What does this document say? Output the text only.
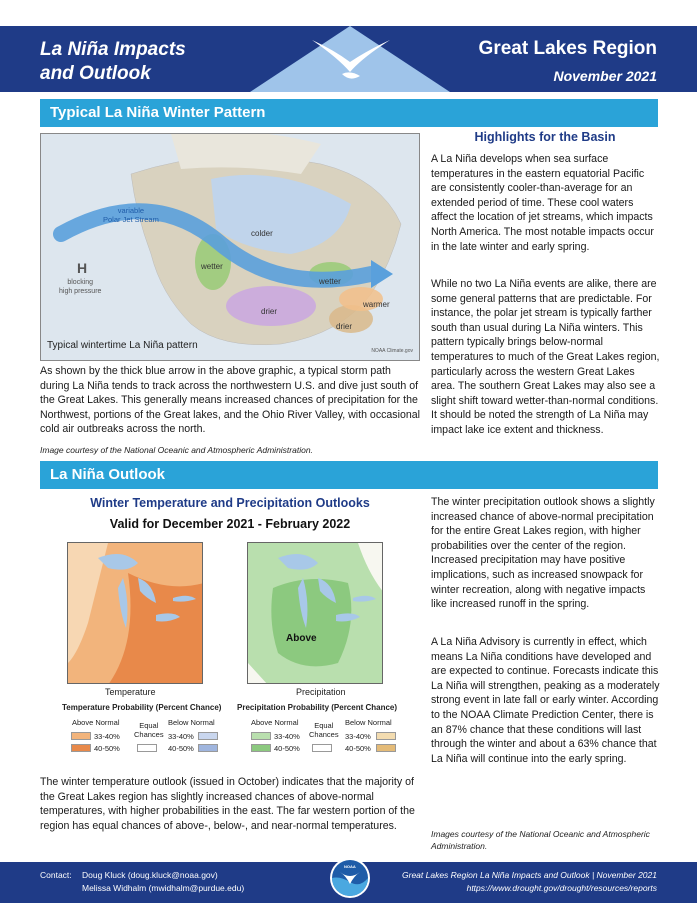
La Niña Impacts
and Outlook
Great Lakes Region
November 2021
Typical La Niña Winter Pattern
variable
Polar Jet Stream
colder
wetter
wetter
warmer
drier
drier
H
blocking
high pressure
Typical wintertime La Niña pattern	NOAA Climate.gov
As shown by the thick blue arrow in the above graphic, a typical storm path during La Niña tends to track across the northwestern U.S. and dive just south of the Great Lakes. This generally means increased chances of precipitation for the Northwest, portions of the Great lakes, and the Ohio River Valley, with occasional cold air outbreaks across the north.
Image courtesy of the National Oceanic and Atmospheric Administration.
Highlights for the Basin
A La Niña develops when sea surface temperatures in the eastern equatorial Pacific are consistently cooler-than-average for an extended period of time. These cool waters affect the location of jet streams, which impacts North America. The most notable impacts occur in the late winter and early spring.
While no two La Niña events are alike, there are some general patterns that are predictable. For instance, the polar jet stream is typically farther south than usual during La Niña winters. This pattern typically brings below-normal temperatures to much of the Great Lakes region, particularly across the western Great Lakes area. The southern Great Lakes may also see a slight shift toward wetter-than-normal conditions. It should be noted the strength of La Niña may impact lake ice extent and thickness.
La Niña Outlook
Winter Temperature and Precipitation Outlooks
Valid for December 2021 - February 2022
Above
Temperature	Precipitation
Temperature Probability (Percent Chance) Precipitation Probability (Percent Chance)
Above Normal	Equal
Chances
Below Normal
33-40%
40-50%
33-40%
40-50%
Above Normal	Equal
Chances
Below Normal
33-40%
40-50%
33-40%
40-50%
The winter temperature outlook (issued in October) indicates that the majority of the Great Lakes region has slightly increased chances of above-normal temperatures, with higher probabilities in the east. The far western portion of the region has equal chances of above-, below-, and near-normal temperatures.
The winter precipitation outlook shows a slightly increased chance of above-normal precipitation for the entire Great Lakes region, with higher probabilities over the center of the region. Increased precipitation may have positive implications, such as increased snowpack for winter recreation, along with negative impacts like increased runoff in the spring.
A La Niña Advisory is currently in effect, which means La Niña conditions have developed and are expected to continue. Forecasts indicate this La Niña will strengthen, peaking as a moderately strong event in late fall or early winter. According to the NOAA Climate Prediction Center, there is an 87% chance that these conditions will last through the winter and about a 63% chance that La Niña will continue into the early spring.
Images courtesy of the National Oceanic and Atmospheric Administration.
Contact:	Doug Kluck (doug.kluck@noaa.gov)
Melissa Widhalm (mwidhalm@purdue.edu)
NOAA
Great Lakes Region La Niña Impacts and Outlook | November 2021
https://www.drought.gov/drought/resources/reports
